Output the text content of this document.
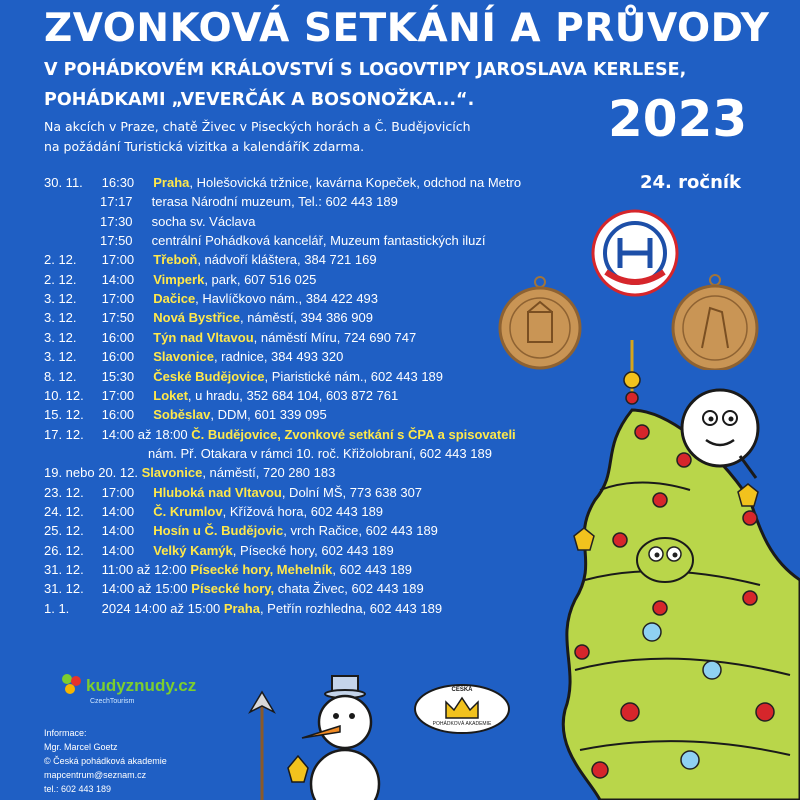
ZVONKOVÁ SETKÁNÍ A PRŮVODY
V POHÁDKOVÉM KRÁLOVSTVÍ S LOGOVTIPY JAROSLAVA KERLESE,
POHÁDKAMI „VEVERČÁK A BOSONOŽKA...“.	2023
Na akcích v Praze, chatě Živec v Piseckých horách a Č. Budějovicích
na požádání Turistická vizitka a kalendáříK zdarma.
24. ročník
30. 11. 16:30 Praha, Holešovická tržnice, kavárna Kopeček, odchod na Metro
17:17 terasa Národní muzeum, Tel.: 602 443 189
17:30 socha sv. Václava
17:50 centrální Pohádková kancelář, Muzeum fantastických iluzí
2. 12. 17:00 Třeboň, nádvoří kláštera, 384 721 169
2. 12. 14:00 Vimperk, park, 607 516 025
3. 12. 17:00 Dačice, Havlíčkovo nám., 384 422 493
3. 12. 17:50 Nová Bystřice, náměstí, 394 386 909
3. 12. 16:00 Týn nad Vltavou, náměstí Míru, 724 690 747
3. 12. 16:00 Slavonice, radnice, 384 493 320
8. 12. 15:30 České Budějovice, Piaristické nám., 602 443 189
10. 12. 17:00 Loket, u hradu, 352 684 104, 603 872 761
15. 12. 16:00 Soběslav, DDM, 601 339 095
17. 12. 14:00 až 18:00 Č. Budějovice, Zvonkové setkání s ČPA a spisovateli
nám. Př. Otakara v rámci 10. roč. Křižolobraní, 602 443 189
19. nebo 20. 12. Slavonice, náměstí, 720 280 183
23. 12. 17:00 Hluboká nad Vltavou, Dolní MŠ, 773 638 307
24. 12. 14:00 Č. Krumlov, Křížová hora, 602 443 189
25. 12. 14:00 Hosín u Č. Budějovic, vrch Račice, 602 443 189
26. 12. 14:00 Velký Kamýk, Písecké hory, 602 443 189
31. 12. 11:00 až 12:00 Písecké hory, Mehelník, 602 443 189
31. 12. 14:00 až 15:00 Písecké hory, chata Živec, 602 443 189
1. 1. 2024 14:00 až 15:00 Praha, Petřín rozhledna, 602 443 189
ČESKÁ
POHÁDKOVÁ AKADEMIE
kudyznudy.cz
CzechTourism
Informace:
Mgr. Marcel Goetz
© Česká pohádková akademie
mapcentrum@seznam.cz
tel.: 602 443 189
